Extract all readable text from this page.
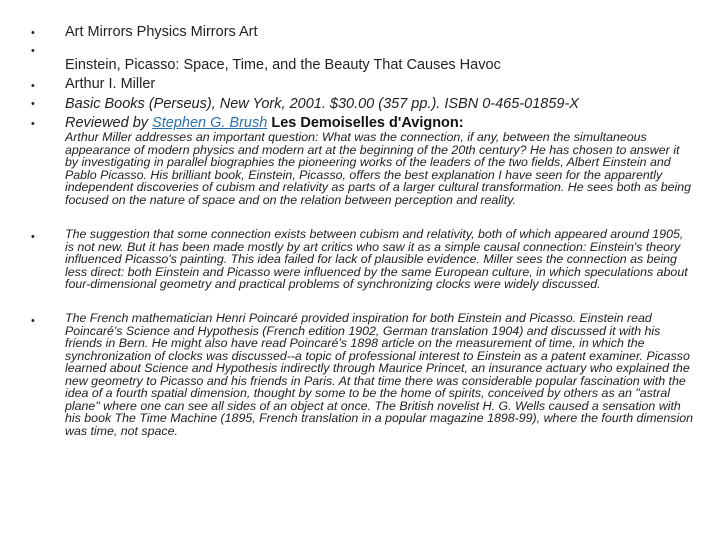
•
•
•
•
•
•
•
Art Mirrors Physics Mirrors Art
Einstein, Picasso: Space, Time, and the Beauty That Causes Havoc
Arthur I. Miller
Basic Books (Perseus), New York, 2001. $30.00 (357 pp.). ISBN 0-465-01859-X
Reviewed by Stephen G. Brush Les Demoiselles d'Avignon:

Arthur Miller addresses an important question: What was the connection, if any, between the simultaneous appearance of modern physics and modern art at the beginning of the 20th century? He has chosen to answer it by investigating in parallel biographies the pioneering works of the leaders of the two fields, Albert Einstein and Pablo Picasso. His brilliant book, Einstein, Picasso, offers the best explanation I have seen for the apparently independent discoveries of cubism and relativity as parts of a larger cultural transformation. He sees both as being focused on the nature of space and on the relation between perception and reality.

The suggestion that some connection exists between cubism and relativity, both of which appeared around 1905, is not new. But it has been made mostly by art critics who saw it as a simple causal connection: Einstein's theory influenced Picasso's painting. This idea failed for lack of plausible evidence. Miller sees the connection as being less direct: both Einstein and Picasso were influenced by the same European culture, in which speculations about four-dimensional geometry and practical problems of synchronizing clocks were widely discussed.

The French mathematician Henri Poincaré provided inspiration for both Einstein and Picasso. Einstein read Poincaré's Science and Hypothesis (French edition 1902, German translation 1904) and discussed it with his friends in Bern. He might also have read Poincaré's 1898 article on the measurement of time, in which the synchronization of clocks was discussed--a topic of professional interest to Einstein as a patent examiner. Picasso learned about Science and Hypothesis indirectly through Maurice Princet, an insurance actuary who explained the new geometry to Picasso and his friends in Paris. At that time there was considerable popular fascination with the idea of a fourth spatial dimension, thought by some to be the home of spirits, conceived by others as an "astral plane" where one can see all sides of an object at once. The British novelist H. G. Wells caused a sensation with his book The Time Machine (1895, French translation in a popular magazine 1898-99), where the fourth dimension was time, not space.
